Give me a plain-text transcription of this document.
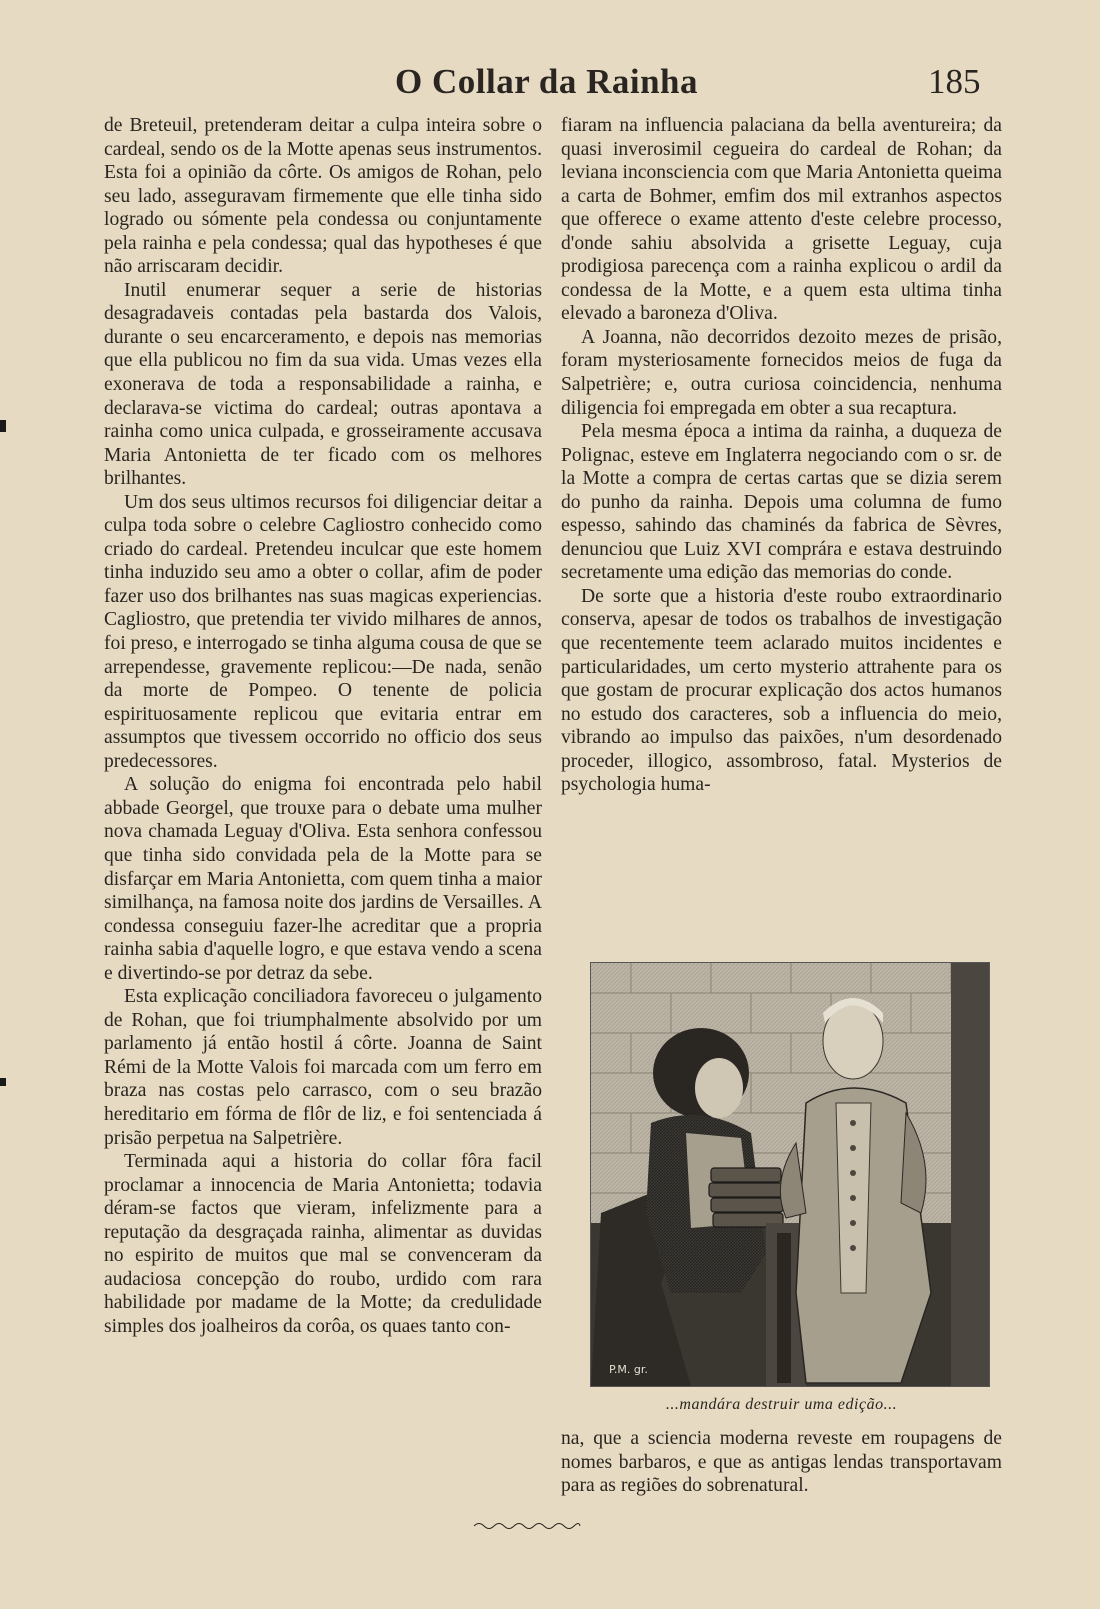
O Collar da Rainha	185

de Breteuil, pretenderam deitar a culpa inteira sobre o cardeal, sendo os de la Motte apenas seus instrumentos. Esta foi a opinião da côrte. Os amigos de Rohan, pelo seu lado, asseguravam firmemente que elle tinha sido logrado ou sómente pela condessa ou conjuntamente pela rainha e pela condessa; qual das hypotheses é que não arriscaram decidir.

Inutil enumerar sequer a serie de historias desagradaveis contadas pela bastarda dos Valois, durante o seu encarceramento, e depois nas memorias que ella publicou no fim da sua vida. Umas vezes ella exonerava de toda a responsabilidade a rainha, e declarava-se victima do cardeal; outras apontava a rainha como unica culpada, e grosseiramente accusava Maria Antonietta de ter ficado com os melhores brilhantes.

Um dos seus ultimos recursos foi diligenciar deitar a culpa toda sobre o celebre Cagliostro conhecido como criado do cardeal. Pretendeu inculcar que este homem tinha induzido seu amo a obter o collar, afim de poder fazer uso dos brilhantes nas suas magicas experiencias. Cagliostro, que pretendia ter vivido milhares de annos, foi preso, e interrogado se tinha alguma cousa de que se arrependesse, gravemente replicou:—De nada, senão da morte de Pompeo. O tenente de policia espirituosamente replicou que evitaria entrar em assumptos que tivessem occorrido no officio dos seus predecessores.

A solução do enigma foi encontrada pelo habil abbade Georgel, que trouxe para o debate uma mulher nova chamada Leguay d'Oliva. Esta senhora confessou que tinha sido convidada pela de la Motte para se disfarçar em Maria Antonietta, com quem tinha a maior similhança, na famosa noite dos jardins de Versailles. A condessa conseguiu fazer-lhe acreditar que a propria rainha sabia d'aquelle logro, e que estava vendo a scena e divertindo-se por detraz da sebe.

Esta explicação conciliadora favoreceu o julgamento de Rohan, que foi triumphalmente absolvido por um parlamento já então hostil á côrte. Joanna de Saint Rémi de la Motte Valois foi marcada com um ferro em braza nas costas pelo carrasco, com o seu brazão hereditario em fórma de flôr de liz, e foi sentenciada á prisão perpetua na Salpetrière.

Terminada aqui a historia do collar fôra facil proclamar a innocencia de Maria Antonietta; todavia déram-se factos que vieram, infelizmente para a reputação da desgraçada rainha, alimentar as duvidas no espirito de muitos que mal se convenceram da audaciosa concepção do roubo, urdido com rara habilidade por madame de la Motte; da credulidade simples dos joalheiros da corôa, os quaes tanto con-

fiaram na influencia palaciana da bella aventureira; da quasi inverosimil cegueira do cardeal de Rohan; da leviana inconsciencia com que Maria Antonietta queima a carta de Bohmer, emfim dos mil extranhos aspectos que offerece o exame attento d'este celebre processo, d'onde sahiu absolvida a grisette Leguay, cuja prodigiosa parecença com a rainha explicou o ardil da condessa de la Motte, e a quem esta ultima tinha elevado a baroneza d'Oliva.

A Joanna, não decorridos dezoito mezes de prisão, foram mysteriosamente fornecidos meios de fuga da Salpetrière; e, outra curiosa coincidencia, nenhuma diligencia foi empregada em obter a sua recaptura.

Pela mesma época a intima da rainha, a duqueza de Polignac, esteve em Inglaterra negociando com o sr. de la Motte a compra de certas cartas que se dizia serem do punho da rainha. Depois uma columna de fumo espesso, sahindo das chaminés da fabrica de Sèvres, denunciou que Luiz XVI comprára e estava destruindo secretamente uma edição das memorias do conde.

De sorte que a historia d'este roubo extraordinario conserva, apesar de todos os trabalhos de investigação que recentemente teem aclarado muitos incidentes e particularidades, um certo mysterio attrahente para os que gostam de procurar explicação dos actos humanos no estudo dos caracteres, sob a influencia do meio, vibrando ao impulso das paixões, n'um desordenado proceder, illogico, assombroso, fatal. Mysterios de psychologia huma-

P.M. gr.
...mandára destruir uma edição...

na, que a sciencia moderna reveste em roupagens de nomes barbaros, e que as antigas lendas transportavam para as regiões do sobrenatural.
